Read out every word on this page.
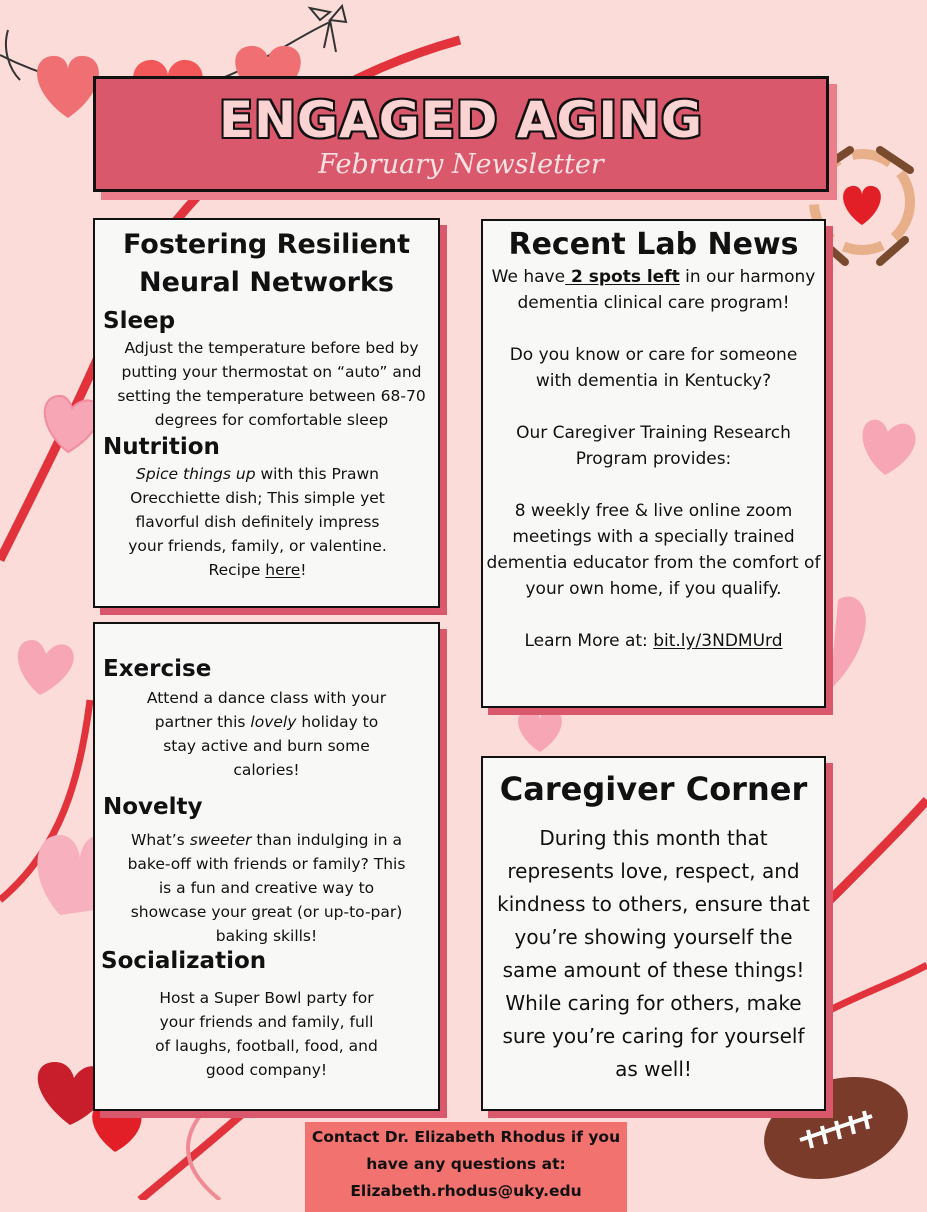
ENGAGED AGING
February Newsletter
Fostering Resilient Neural Networks
Sleep

Adjust the temperature before bed by putting your thermostat on “auto” and setting the temperature between 68-70 degrees for comfortable sleep

Nutrition

Spice things up with this Prawn Orecchiette dish; This simple yet flavorful dish definitely impress your friends, family, or valentine.
Recipe here!

Exercise

Attend a dance class with your partner this lovely holiday to stay active and burn some calories!

Novelty

What’s sweeter than indulging in a bake-off with friends or family? This is a fun and creative way to showcase your great (or up-to-par) baking skills!

Socialization

Host a Super Bowl party for your friends and family, full of laughs, football, food, and good company!

Recent Lab News

We have 2 spots left in our harmony dementia clinical care program!

Do you know or care for someone with dementia in Kentucky?

Our Caregiver Training Research Program provides:

8 weekly free & live online zoom meetings with a specially trained dementia educator from the comfort of your own home, if you qualify.

Learn More at: bit.ly/3NDMUrd

Caregiver Corner

During this month that represents love, respect, and kindness to others, ensure that you’re showing yourself the same amount of these things! While caring for others, make sure you’re caring for yourself as well!

Contact Dr. Elizabeth Rhodus if you
have any questions at:
Elizabeth.rhodus@uky.edu
